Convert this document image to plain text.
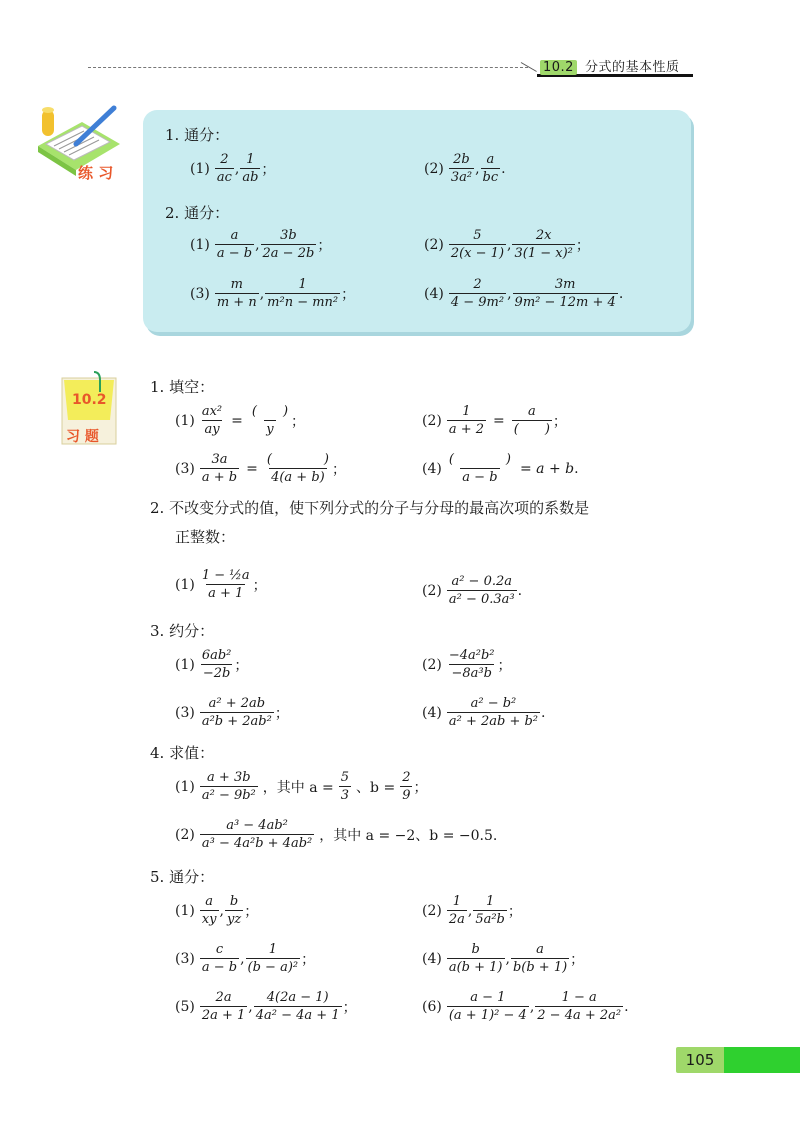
10.2 分式的基本性质
练 习
1. 通分：
$(1) \frac{2}{ac}$ , $\frac{1}{ab}$ ；	$(2) \frac{2b}{\text{3a²}}$ , $\frac{a}{bc}$ .
2. 通分：
$(1) \frac{a}{a - b}$ , $\frac{3b}{2a - 2b}$ ；	$(2) \frac{5}{2(x - 1)}$ , $\frac{2x}{\text{3(1 − x)²}}$ ；
$(3) \frac{m}{m + n}$ , $\frac{1}{\text{m²n − mn²}}$ ；	$(4) \frac{2}{\text{4 − 9m²}}$ , $\frac{3m}{\text{9m² − 12m + 4}}$ .
10.2
习 题
1. 填空：
$(1) \frac{\text{ax²}}{ay} = \frac{( )}{y}$ ；	$(2) \frac{1}{a + 2} = \frac{a}{( )}$ ；
$(3) \frac{3a}{a + b} = \frac{( )}{4(a + b)}$ ；	$(4) \frac{( )}{a - b} = a + b$ .
2. 不改变分式的值，使下列分式的分子与分母的最高次项的系数是
正整数：
$(1) \frac{\text{1 − ½a}}{a + 1}$ ；	$(2) \frac{\text{a² − 0.2a}}{\text{a² − 0.3a³}}$ .
3. 约分：
$(1) \frac{\text{6ab²}}{-2b}$ ；	$(2) \frac{\text{−4a²b²}}{\text{−8a³b}}$ ；
$(3) \frac{\text{a² + 2ab}}{\text{a²b + 2ab²}}$ ；	$(4) \frac{\text{a² − b²}}{\text{a² + 2ab + b²}}$ .
4. 求值：
$(1) \frac{a + 3b}{\text{a² − 9b²}}$ ，其中 $a = \frac{5}{3}$ 、$b = \frac{2}{9}$ ；
$(2) \frac{\text{a³ − 4ab²}}{\text{a³ − 4a²b + 4ab²}}$ ，其中 a = −2、b = −0.5.
5. 通分：
$(1) \frac{a}{xy}$ , $\frac{b}{yz}$ ；	$(2) \frac{1}{2a}$ , $\frac{1}{\text{5a²b}}$ ；
$(3) \frac{c}{a - b}$ , $\frac{1}{\text{(b − a)²}}$ ；	$(4) \frac{b}{a(b + 1)}$ , $\frac{a}{b(b + 1)}$ ；
$(5) \frac{2a}{2a + 1}$ , $\frac{4(2a - 1)}{\text{4a² − 4a + 1}}$ ；	$(6) \frac{a - 1}{\text{(a + 1)² − 4}}$ , $\frac{1 - a}{\text{2 − 4a + 2a²}}$ .
105
